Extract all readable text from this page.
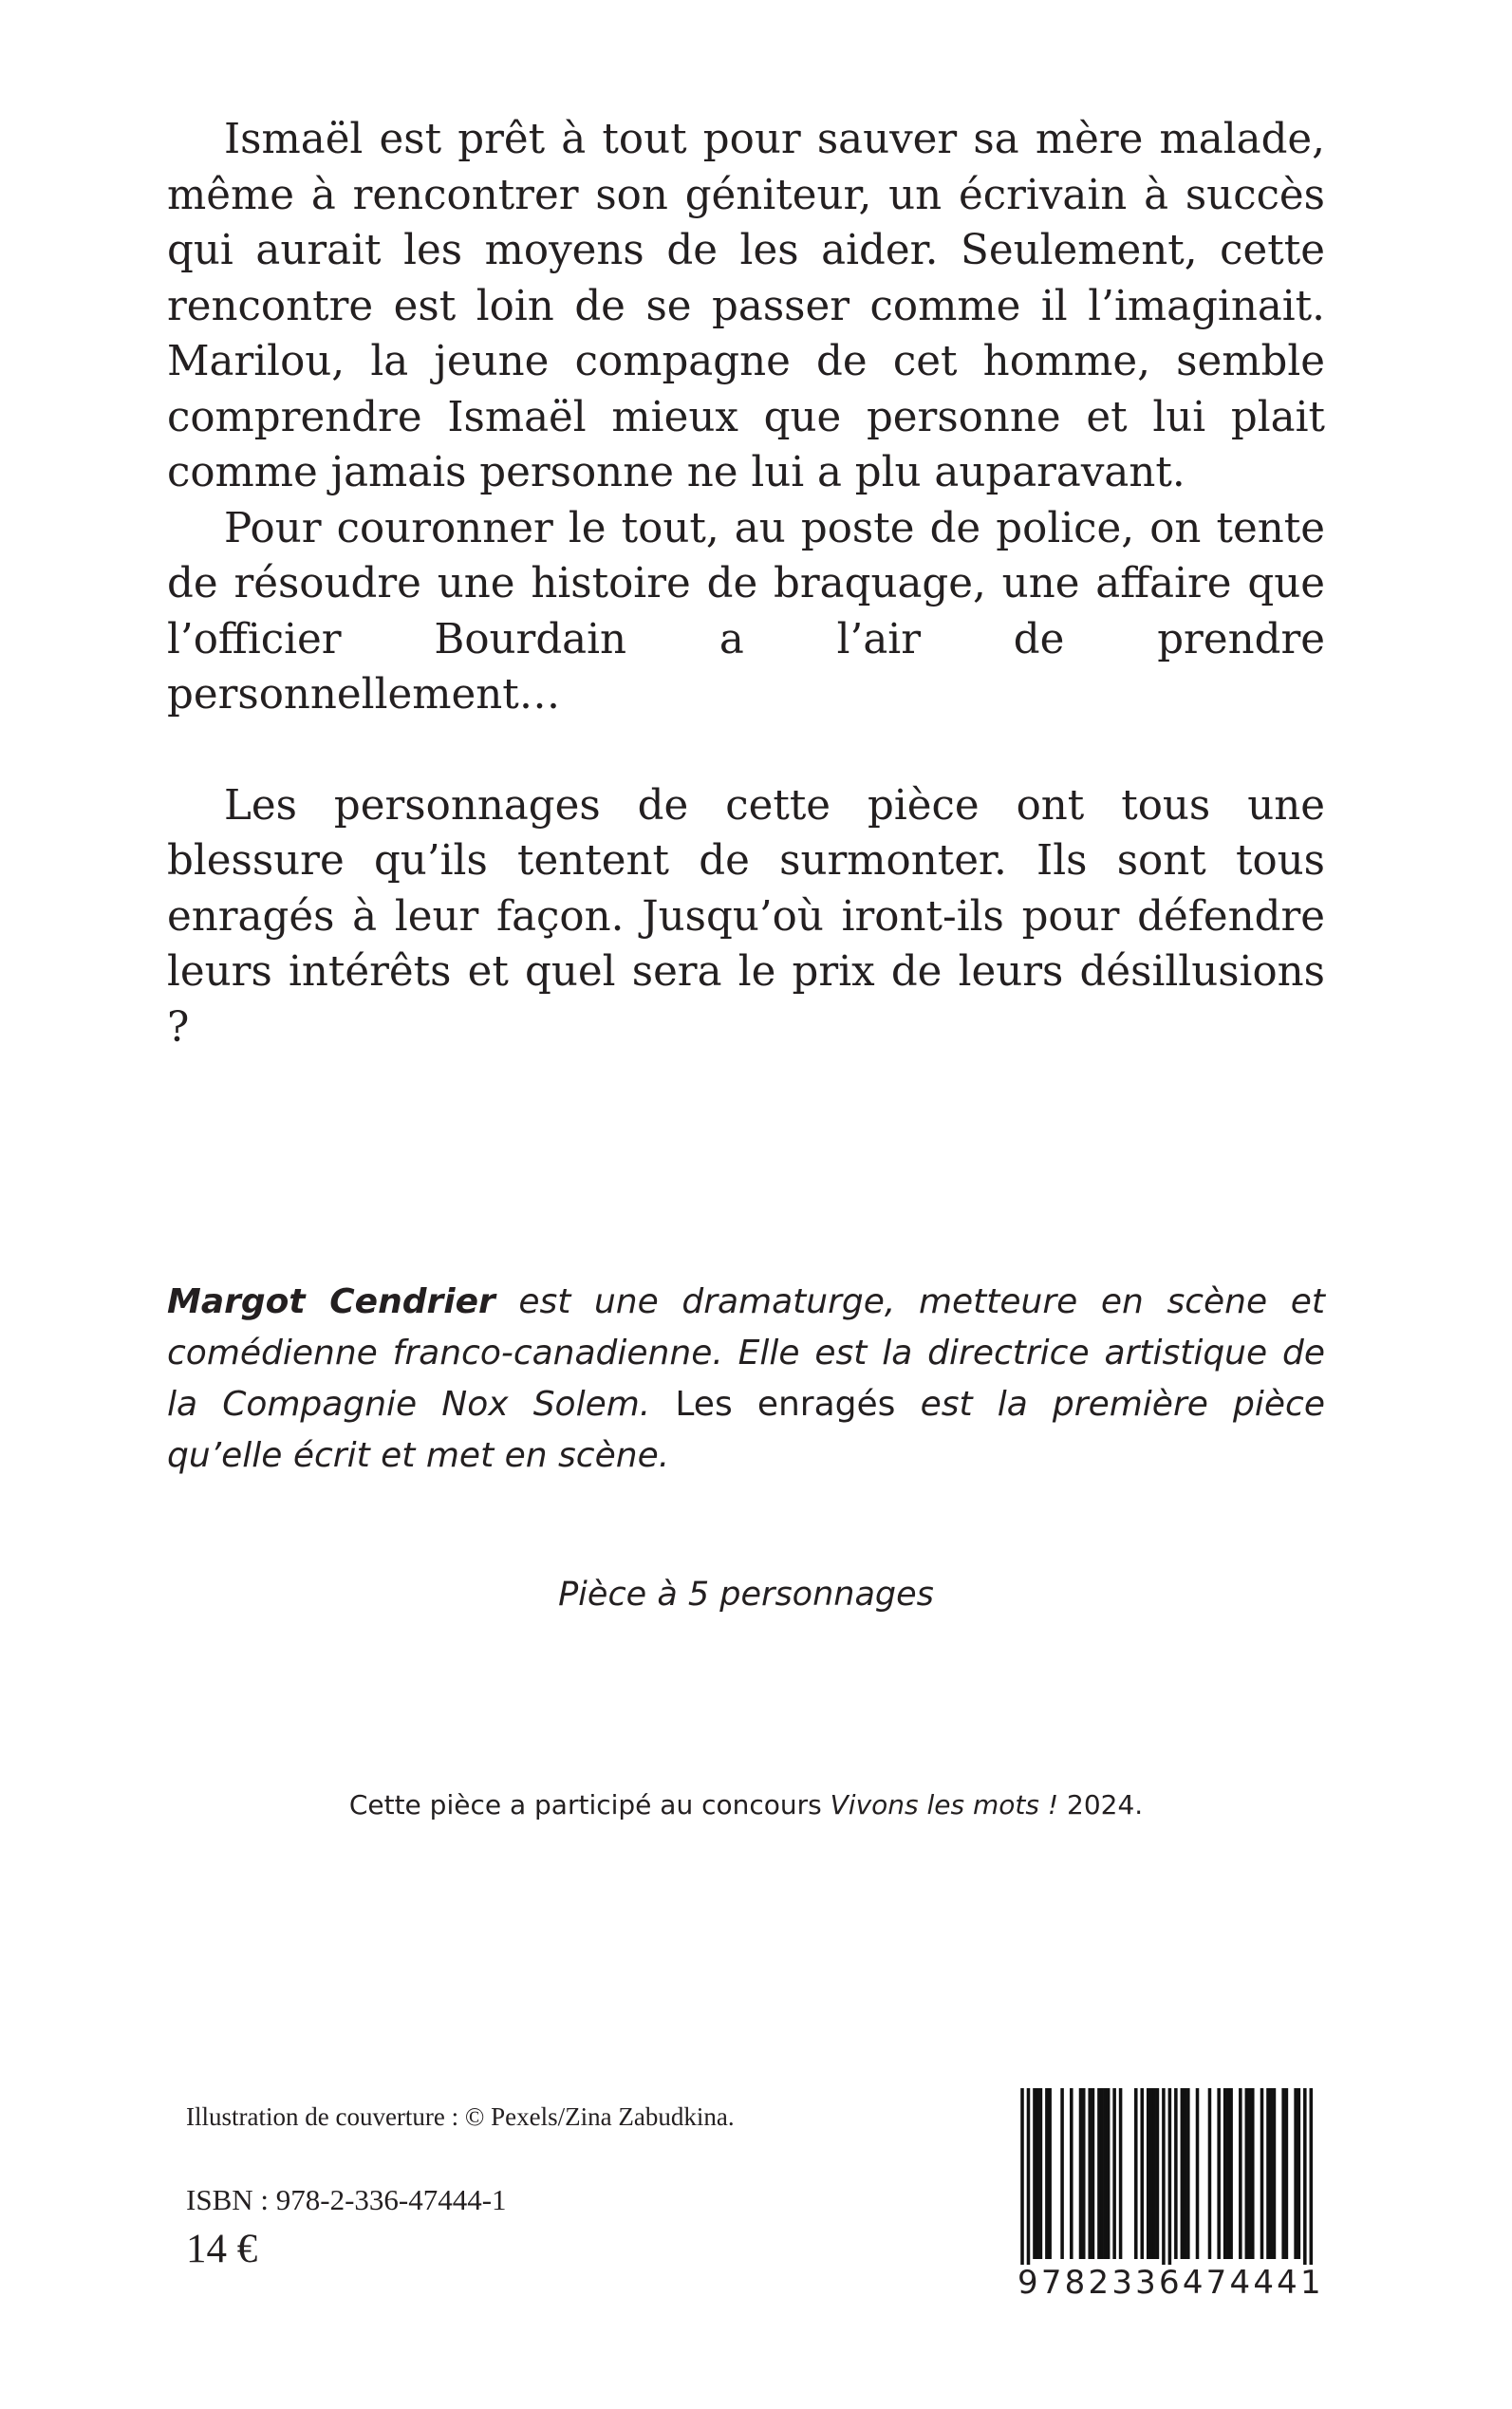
Ismaël est prêt à tout pour sauver sa mère malade, même à rencontrer son géniteur, un écrivain à succès qui aurait les moyens de les aider. Seulement, cette rencontre est loin de se passer comme il l’imaginait. Marilou, la jeune compagne de cet homme, semble comprendre Ismaël mieux que personne et lui plait comme jamais personne ne lui a plu auparavant.

Pour couronner le tout, au poste de police, on tente de résoudre une histoire de braquage, une affaire que l’officier Bourdain a l’air de prendre personnellement…

Les personnages de cette pièce ont tous une blessure qu’ils tentent de surmonter. Ils sont tous enragés à leur façon. Jusqu’où iront-ils pour défendre leurs intérêts et quel sera le prix de leurs désillusions ?

Margot Cendrier est une dramaturge, metteure en scène et comédienne franco-canadienne. Elle est la directrice artistique de la Compagnie Nox Solem. Les enragés est la première pièce qu’elle écrit et met en scène.

Pièce à 5 personnages
Cette pièce a participé au concours Vivons les mots ! 2024.
Illustration de couverture : © Pexels/Zina Zabudkina.
ISBN : 978-2-336-47444-1
14 €
9782336474441
